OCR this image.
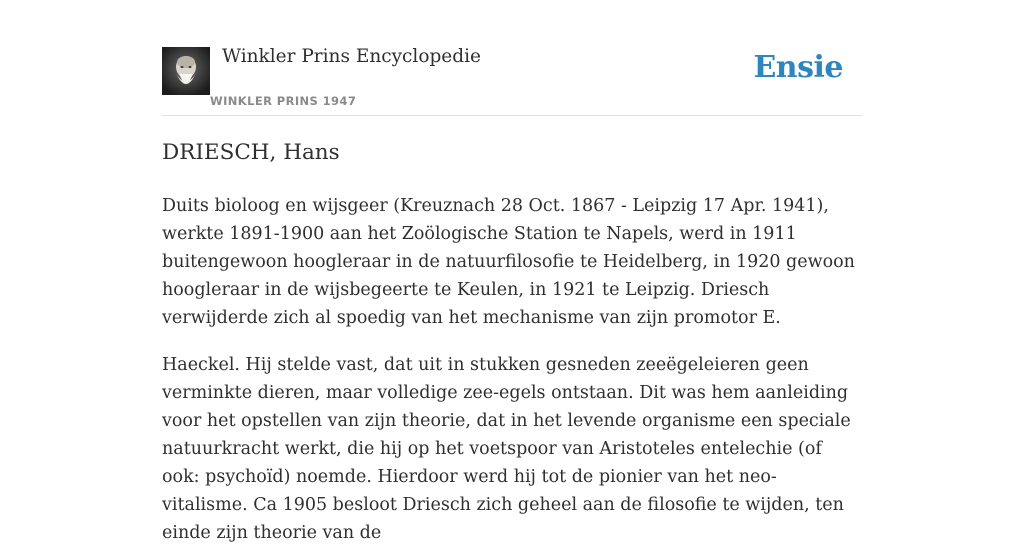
Winkler Prins Encyclopedie
WINKLER PRINS 1947
Ensie
DRIESCH, Hans

Duits bioloog en wijsgeer (Kreuznach 28 Oct. 1867 - Leipzig 17 Apr. 1941), werkte 1891-1900 aan het Zoölogische Station te Napels, werd in 1911 buitengewoon hoogleraar in de natuurfilosofie te Heidelberg, in 1920 gewoon hoogleraar in de wijsbegeerte te Keulen, in 1921 te Leipzig. Driesch verwijderde zich al spoedig van het mechanisme van zijn promotor E.

Haeckel. Hij stelde vast, dat uit in stukken gesneden zeeëgeleieren geen verminkte dieren, maar volledige zee-egels ontstaan. Dit was hem aanleiding voor het opstellen van zijn theorie, dat in het levende organisme een speciale natuurkracht werkt, die hij op het voetspoor van Aristoteles entelechie (of ook: psychoïd) noemde. Hierdoor werd hij tot de pionier van het neo-vitalisme. Ca 1905 besloot Driesch zich geheel aan de filosofie te wijden, ten einde zijn theorie van de
